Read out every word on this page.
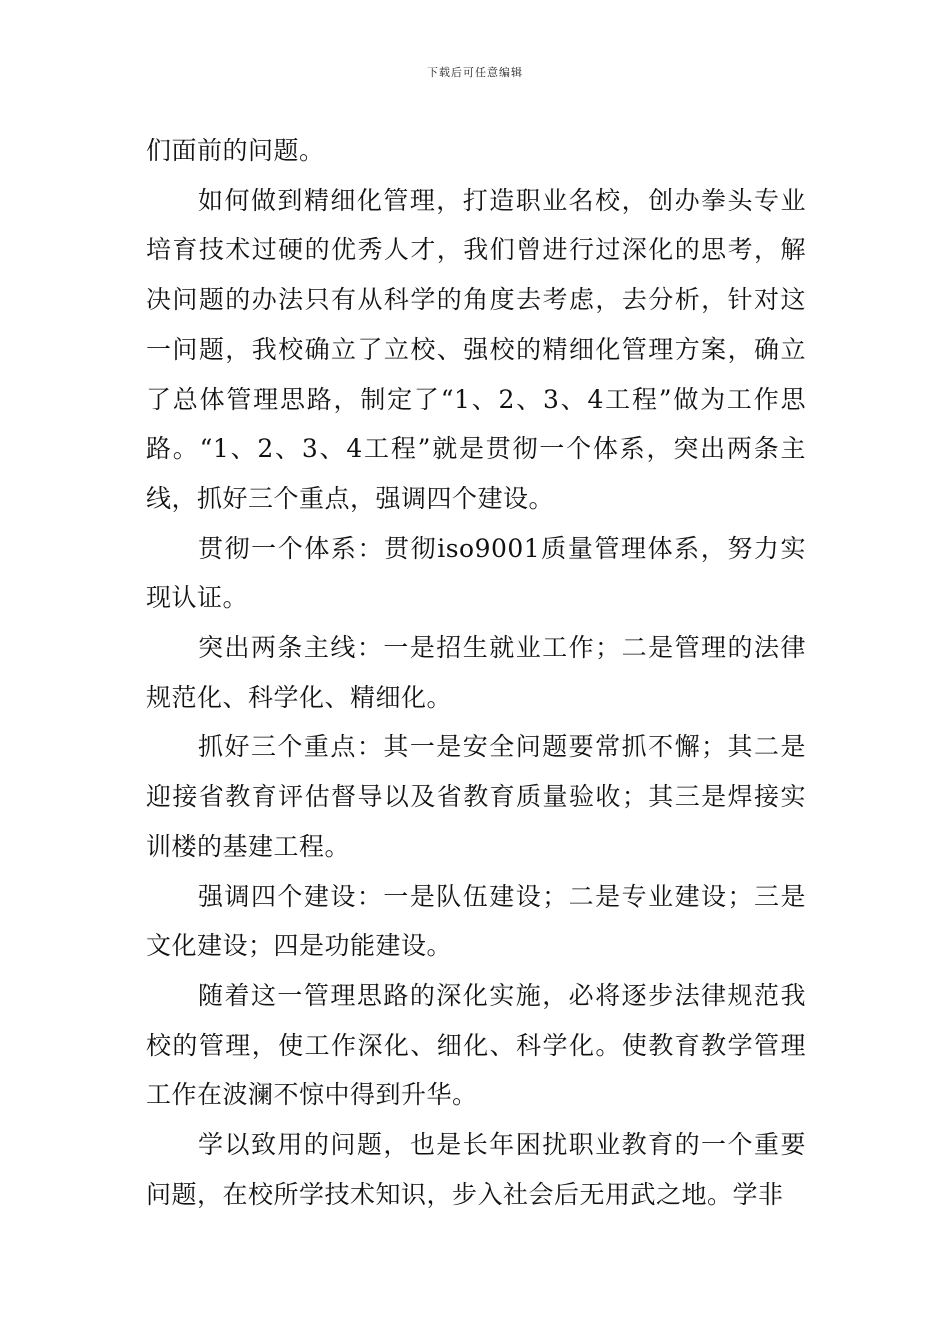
下载后可任意编辑

们面前的问题。

如何做到精细化管理，打造职业名校，创办拳头专业培育技术过硬的优秀人才，我们曾进行过深化的思考，解决问题的办法只有从科学的角度去考虑，去分析，针对这一问题，我校确立了立校、强校的精细化管理方案，确立了总体管理思路，制定了“1、2、3、4工程”做为工作思路。“1、2、3、4工程”就是贯彻一个体系，突出两条主线，抓好三个重点，强调四个建设。

贯彻一个体系：贯彻iso9001质量管理体系，努力实现认证。

突出两条主线：一是招生就业工作；二是管理的法律规范化、科学化、精细化。

抓好三个重点：其一是安全问题要常抓不懈；其二是迎接省教育评估督导以及省教育质量验收；其三是焊接实训楼的基建工程。

强调四个建设：一是队伍建设；二是专业建设；三是文化建设；四是功能建设。

随着这一管理思路的深化实施，必将逐步法律规范我校的管理，使工作深化、细化、科学化。使教育教学管理工作在波澜不惊中得到升华。

学以致用的问题，也是长年困扰职业教育的一个重要问题，在校所学技术知识，步入社会后无用武之地。学非
